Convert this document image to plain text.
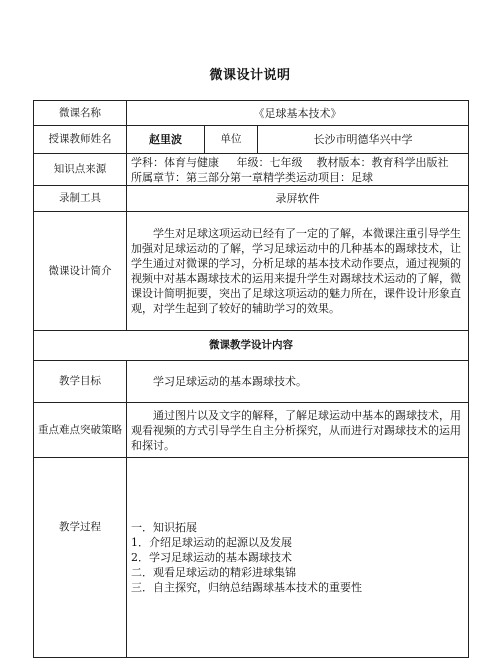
微课设计说明
微课名称	《足球基本技术》		
授课教师姓名	赵里波	单位	长沙市明德华兴中学
知识点来源	学科：体育与健康     年级：七年级    教材版本：教育科学出版社
所属章节：第三部分第一章精学类运动项目：足球		

录制工具	录屏软件		
微课设计简介	学生对足球这项运动已经有了一定的了解，本微课注重引导学生加强对足球运动的了解，学习足球运动中的几种基本的踢球技术，让学生通过对微课的学习，分析足球的基本技术动作要点，通过视频的视频中对基本踢球技术的运用来提升学生对踢球技术运动的了解，微课设计简明扼要，突出了足球这项运动的魅力所在，课件设计形象直观，对学生起到了较好的辅助学习的效果。		
微课教学设计内容			
教学目标	学习足球运动的基本踢球技术。		
重点难点突破策略	通过图片以及文字的解释，了解足球运动中基本的踢球技术，用观看视频的方式引导学生自主分析探究，从而进行对踢球技术的运用和探讨。		
教学过程	一．知识拓展
1．介绍足球运动的起源以及发展
2．学习足球运动的基本踢球技术
二．观看足球运动的精彩进球集锦
三．自主探究，归纳总结踢球基本技术的重要性		
